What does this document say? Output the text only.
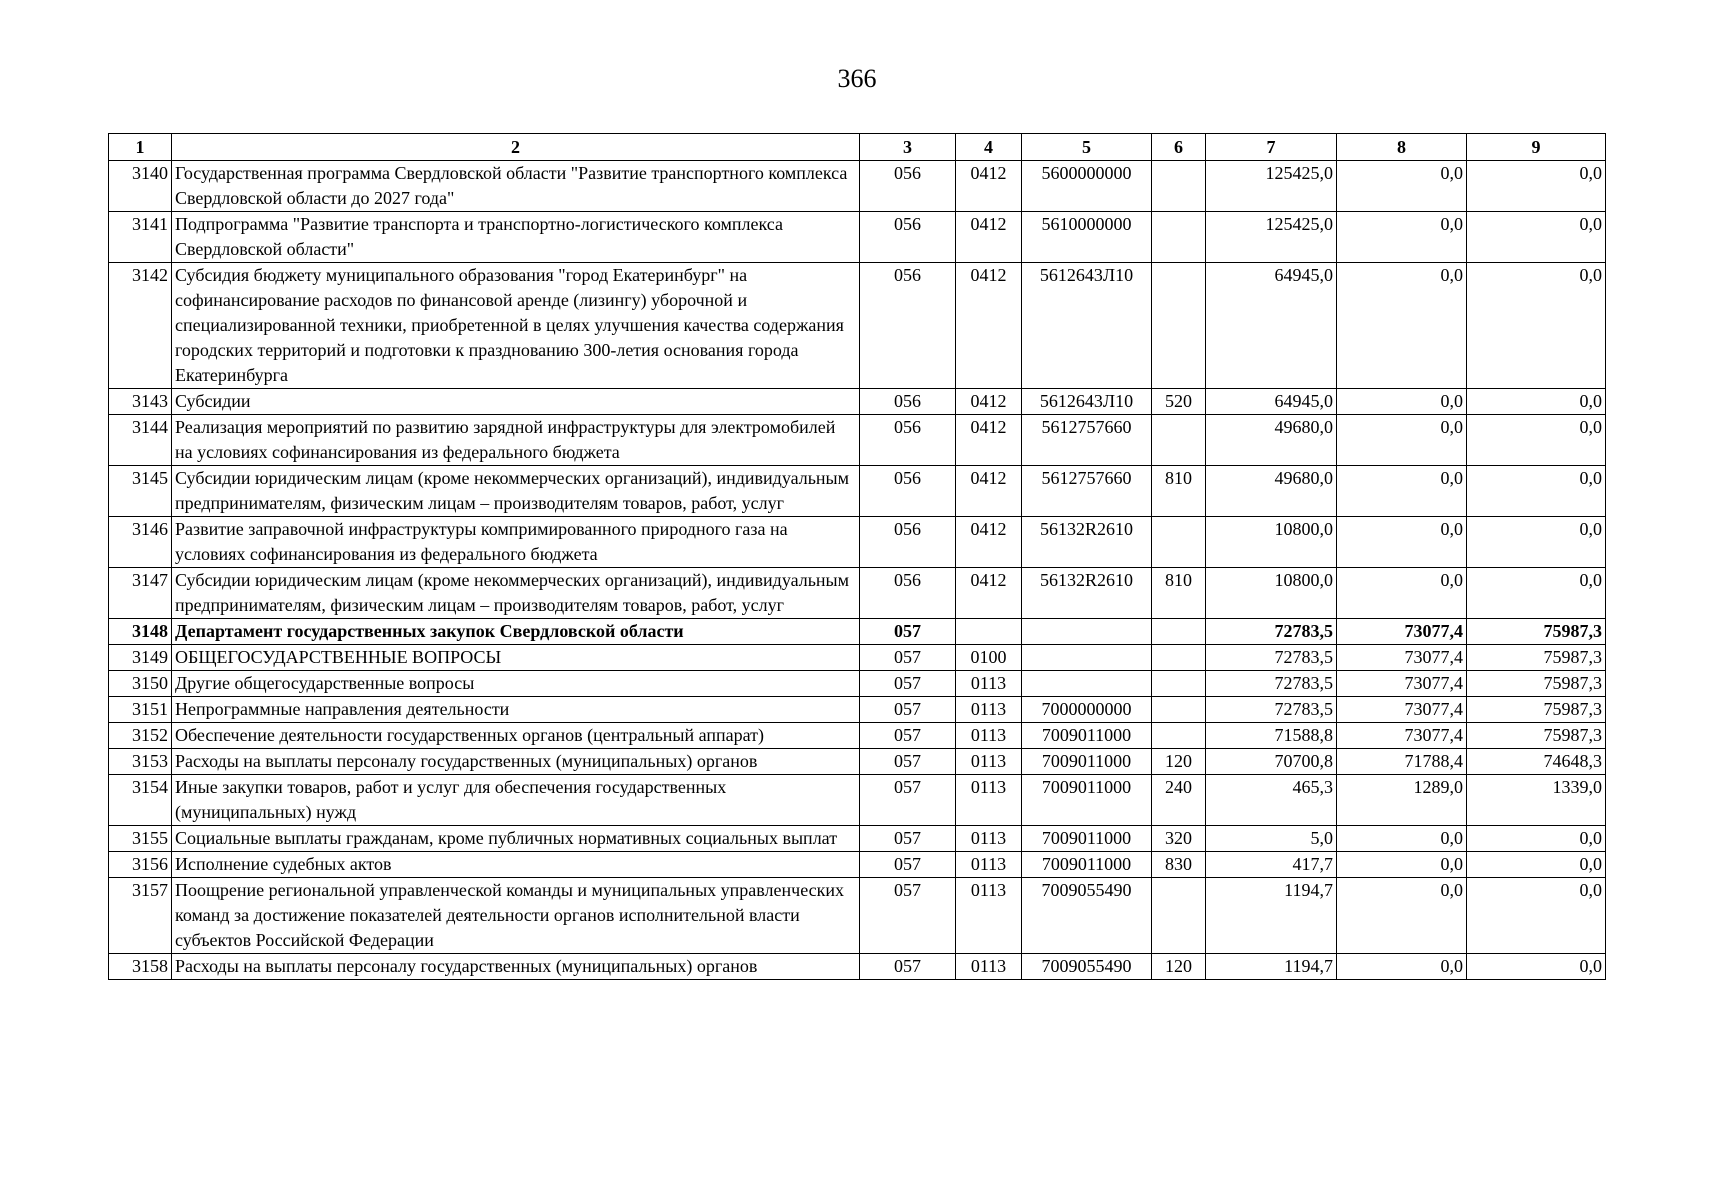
366
1	2	3	4	5	6	7	8	9
3140	Государственная программа Свердловской области "Развитие транспортного комплекса Свердловской области до 2027 года"	056	0412	5600000000		125425,0	0,0	0,0
3141	Подпрограмма "Развитие транспорта и транспортно-логистического комплекса Свердловской области"	056	0412	5610000000		125425,0	0,0	0,0
3142	Субсидия бюджету муниципального образования "город Екатеринбург" на софинансирование расходов по финансовой аренде (лизингу) уборочной и специализированной техники, приобретенной в целях улучшения качества содержания городских территорий и подготовки к празднованию 300-летия основания города Екатеринбурга	056	0412	5612643Л10		64945,0	0,0	0,0
3143	Субсидии	056	0412	5612643Л10	520	64945,0	0,0	0,0
3144	Реализация мероприятий по развитию зарядной инфраструктуры для электромобилей на условиях софинансирования из федерального бюджета	056	0412	5612757660		49680,0	0,0	0,0
3145	Субсидии юридическим лицам (кроме некоммерческих организаций), индивидуальным предпринимателям, физическим лицам – производителям товаров, работ, услуг	056	0412	5612757660	810	49680,0	0,0	0,0
3146	Развитие заправочной инфраструктуры компримированного природного газа на условиях софинансирования из федерального бюджета	056	0412	56132R2610		10800,0	0,0	0,0
3147	Субсидии юридическим лицам (кроме некоммерческих организаций), индивидуальным предпринимателям, физическим лицам – производителям товаров, работ, услуг	056	0412	56132R2610	810	10800,0	0,0	0,0
3148	Департамент государственных закупок Свердловской области	057				72783,5	73077,4	75987,3
3149	ОБЩЕГОСУДАРСТВЕННЫЕ ВОПРОСЫ	057	0100			72783,5	73077,4	75987,3
3150	Другие общегосударственные вопросы	057	0113			72783,5	73077,4	75987,3
3151	Непрограммные направления деятельности	057	0113	7000000000		72783,5	73077,4	75987,3
3152	Обеспечение деятельности государственных органов (центральный аппарат)	057	0113	7009011000		71588,8	73077,4	75987,3
3153	Расходы на выплаты персоналу государственных (муниципальных) органов	057	0113	7009011000	120	70700,8	71788,4	74648,3
3154	Иные закупки товаров, работ и услуг для обеспечения государственных (муниципальных) нужд	057	0113	7009011000	240	465,3	1289,0	1339,0
3155	Социальные выплаты гражданам, кроме публичных нормативных социальных выплат	057	0113	7009011000	320	5,0	0,0	0,0
3156	Исполнение судебных актов	057	0113	7009011000	830	417,7	0,0	0,0
3157	Поощрение региональной управленческой команды и муниципальных управленческих команд за достижение показателей деятельности органов исполнительной власти субъектов Российской Федерации	057	0113	7009055490		1194,7	0,0	0,0
3158	Расходы на выплаты персоналу государственных (муниципальных) органов	057	0113	7009055490	120	1194,7	0,0	0,0
